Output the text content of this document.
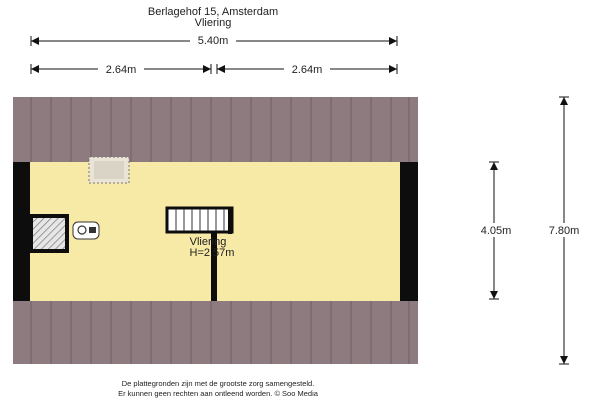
Berlagehof 15, Amsterdam
Vliering
5.40m
2.64m	2.64m
Vliering
H=2.57m
4.05m	7.80m
De plattegronden zijn met de grootste zorg samengesteld.
Er kunnen geen rechten aan ontleend worden. © Soo Media
